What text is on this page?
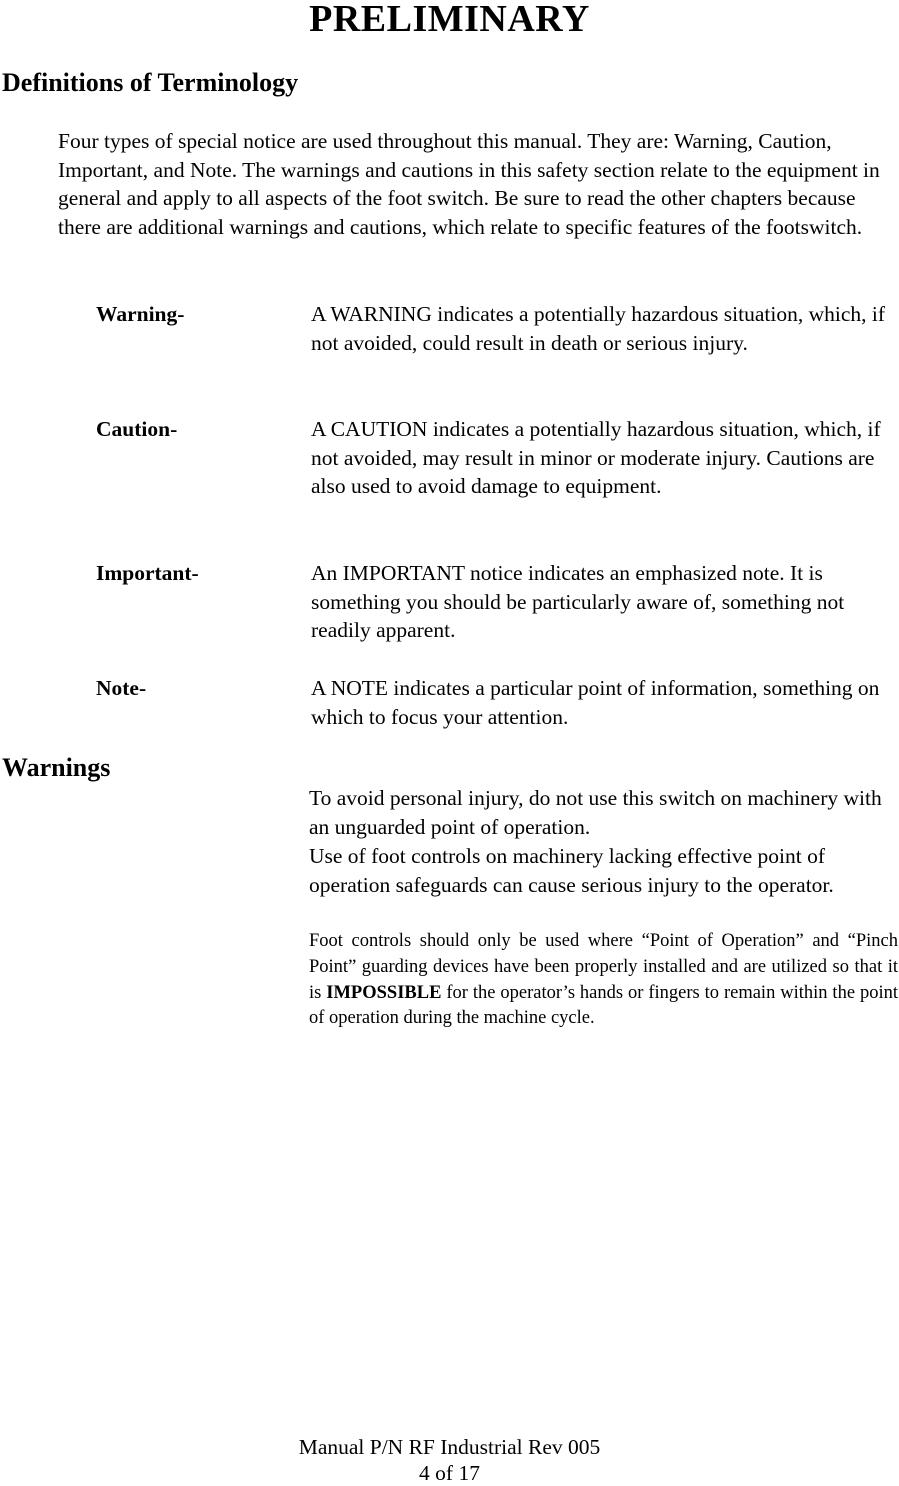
PRELIMINARY
Definitions of Terminology
Four types of special notice are used throughout this manual. They are: Warning, Caution, Important, and Note. The warnings and cautions in this safety section relate to the equipment in general and apply to all aspects of the foot switch. Be sure to read the other chapters because there are additional warnings and cautions, which relate to specific features of the footswitch.
Warning-	A WARNING indicates a potentially hazardous situation, which, if not avoided, could result in death or serious injury.
Caution-	A CAUTION indicates a potentially hazardous situation, which, if not avoided, may result in minor or moderate injury. Cautions are also used to avoid damage to equipment.
Important-	An IMPORTANT notice indicates an emphasized note. It is something you should be particularly aware of, something not readily apparent.
Note-	A NOTE indicates a particular point of information, something on which to focus your attention.
Warnings
To avoid personal injury, do not use this switch on machinery with an unguarded point of operation.
Use of foot controls on machinery lacking effective point of operation safeguards can cause serious injury to the operator.
Foot controls should only be used where “Point of Operation” and “Pinch Point” guarding devices have been properly installed and are utilized so that it is IMPOSSIBLE for the operator’s hands or fingers to remain within the point of operation during the machine cycle.
Manual P/N RF Industrial Rev 005
4 of 17
